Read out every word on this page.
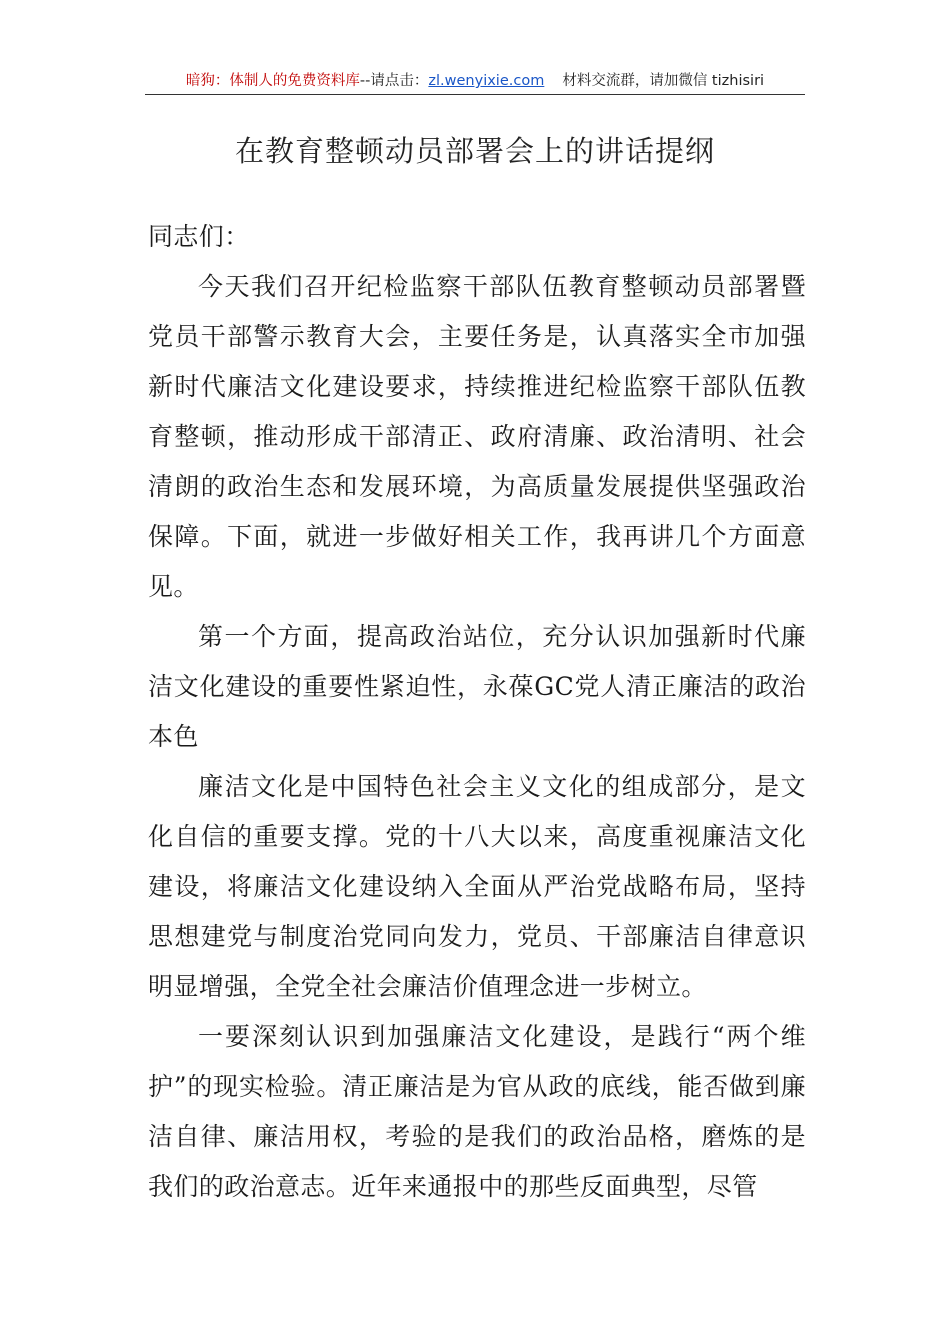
暗狗：体制人的免费资料库--请点击：zl.wenyixie.com 材料交流群，请加微信 tizhisiri
在教育整顿动员部署会上的讲话提纲

同志们：

今天我们召开纪检监察干部队伍教育整顿动员部署暨党员干部警示教育大会，主要任务是，认真落实全市加强新时代廉洁文化建设要求，持续推进纪检监察干部队伍教育整顿，推动形成干部清正、政府清廉、政治清明、社会清朗的政治生态和发展环境，为高质量发展提供坚强政治保障。下面，就进一步做好相关工作，我再讲几个方面意见。

第一个方面，提高政治站位，充分认识加强新时代廉洁文化建设的重要性紧迫性，永葆GC党人清正廉洁的政治本色

廉洁文化是中国特色社会主义文化的组成部分，是文化自信的重要支撑。党的十八大以来，高度重视廉洁文化建设，将廉洁文化建设纳入全面从严治党战略布局，坚持思想建党与制度治党同向发力，党员、干部廉洁自律意识明显增强，全党全社会廉洁价值理念进一步树立。

一要深刻认识到加强廉洁文化建设，是践行“两个维护”的现实检验。清正廉洁是为官从政的底线，能否做到廉洁自律、廉洁用权，考验的是我们的政治品格，磨炼的是我们的政治意志。近年来通报中的那些反面典型，尽管
